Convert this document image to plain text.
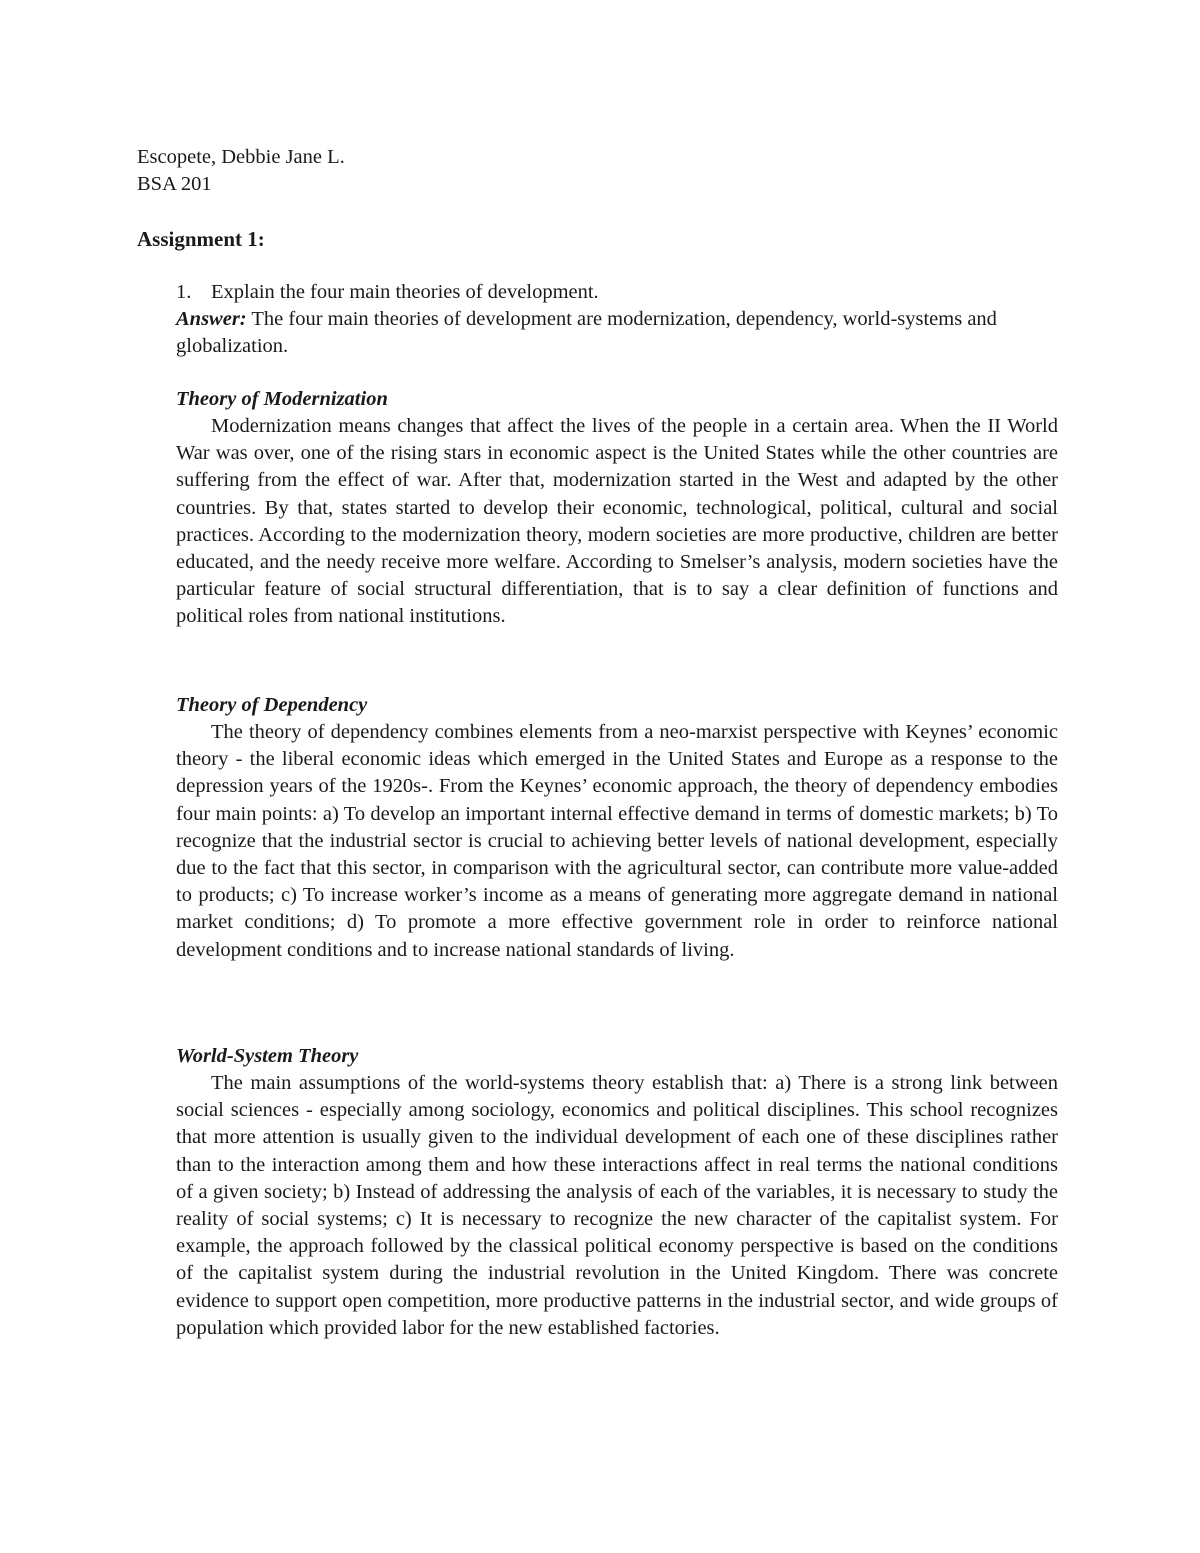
Escopete, Debbie Jane L.
BSA 201
Assignment 1:
1. Explain the four main theories of development.
Answer: The four main theories of development are modernization, dependency, world-systems and globalization.

Theory of Modernization

Modernization means changes that affect the lives of the people in a certain area. When the II World War was over, one of the rising stars in economic aspect is the United States while the other countries are suffering from the effect of war. After that, modernization started in the West and adapted by the other countries. By that, states started to develop their economic, technological, political, cultural and social practices. According to the modernization theory, modern societies are more productive, children are better educated, and the needy receive more welfare. According to Smelser’s analysis, modern societies have the particular feature of social structural differentiation, that is to say a clear definition of functions and political roles from national institutions.

Theory of Dependency

The theory of dependency combines elements from a neo-marxist perspective with Keynes’ economic theory - the liberal economic ideas which emerged in the United States and Europe as a response to the depression years of the 1920s-. From the Keynes’ economic approach, the theory of dependency embodies four main points: a) To develop an important internal effective demand in terms of domestic markets; b) To recognize that the industrial sector is crucial to achieving better levels of national development, especially due to the fact that this sector, in comparison with the agricultural sector, can contribute more value-added to products; c) To increase worker’s income as a means of generating more aggregate demand in national market conditions; d) To promote a more effective government role in order to reinforce national development conditions and to increase national standards of living.

World-System Theory

The main assumptions of the world-systems theory establish that: a) There is a strong link between social sciences - especially among sociology, economics and political disciplines. This school recognizes that more attention is usually given to the individual development of each one of these disciplines rather than to the interaction among them and how these interactions affect in real terms the national conditions of a given society; b) Instead of addressing the analysis of each of the variables, it is necessary to study the reality of social systems; c) It is necessary to recognize the new character of the capitalist system. For example, the approach followed by the classical political economy perspective is based on the conditions of the capitalist system during the industrial revolution in the United Kingdom. There was concrete evidence to support open competition, more productive patterns in the industrial sector, and wide groups of population which provided labor for the new established factories.
